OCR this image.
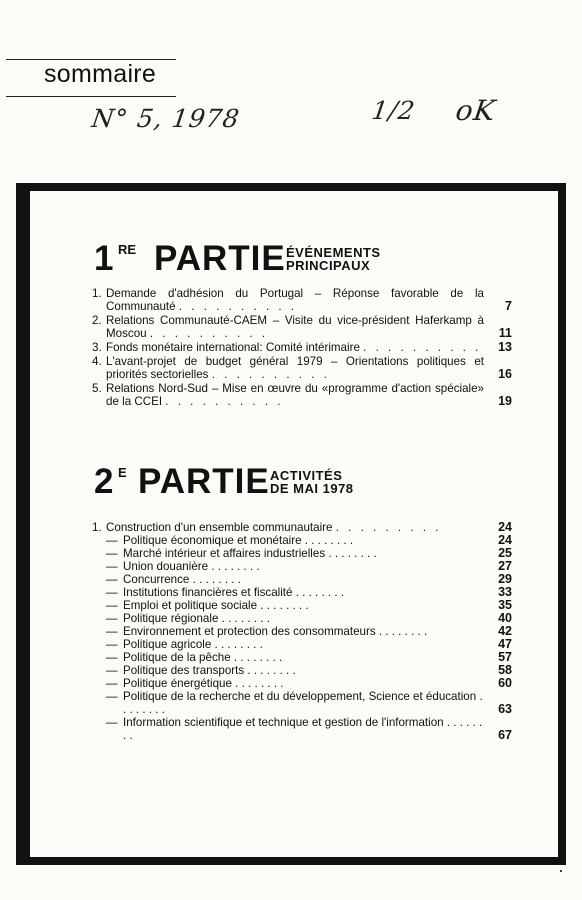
sommaire
N° 5, 1978	1/2 oK
1 RE PARTIE ÉVÉNEMENTS
PRINCIPAUX
1. Demande d'adhésion du Portugal – Réponse favorable de la Communauté . . . . . . . . . .	7
2. Relations Communauté-CAEM – Visite du vice-président Haferkamp à Moscou . . . . . . . . . .	11
3. Fonds monétaire international: Comité intérimaire . . . . . . . . . .	13
4. L'avant-projet de budget général 1979 – Orientations politiques et priorités sectorielles . . . . . . . . . .	16
5. Relations Nord-Sud – Mise en œuvre du «programme d'action spéciale» de la CCEI . . . . . . . . . .	19
2 E PARTIE ACTIVITÉS
DE MAI 1978
1. Construction d'un ensemble communautaire . . . . . . . . .	24
— Politique économique et monétaire . . . . . . . .	24
— Marché intérieur et affaires industrielles . . . . . . . .	25
— Union douanière . . . . . . . .	27
— Concurrence . . . . . . . .	29
— Institutions financières et fiscalité . . . . . . . .	33
— Emploi et politique sociale . . . . . . . .	35
— Politique régionale . . . . . . . .	40
— Environnement et protection des consommateurs . . . . . . . .	42
— Politique agricole . . . . . . . .	47
— Politique de la pêche . . . . . . . .	57
— Politique des transports . . . . . . . .	58
— Politique énergétique . . . . . . . .	60
— Politique de la recherche et du développement, Science et éducation . . . . . . . .	63
— Information scientifique et technique et gestion de l'information . . . . . . . .	67
